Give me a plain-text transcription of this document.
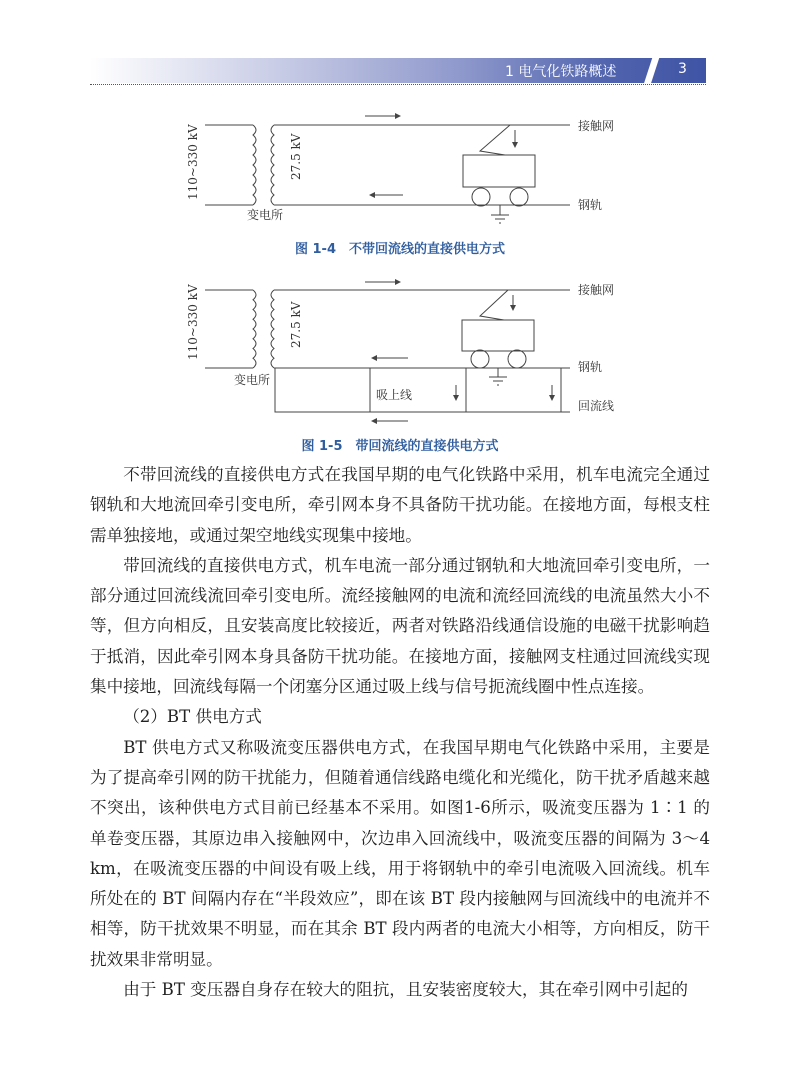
1 电气化铁路概述	3
110~330 kV	27.5 kV
变电所
接触网
钢轨
110~330 kV	27.5 kV
变电所
接触网
钢轨
回流线
吸上线
图 1-4　不带回流线的直接供电方式
图 1-5　带回流线的直接供电方式

不带回流线的直接供电方式在我国早期的电气化铁路中采用，机车电流完全通过钢轨和大地流回牵引变电所，牵引网本身不具备防干扰功能。在接地方面，每根支柱需单独接地，或通过架空地线实现集中接地。

带回流线的直接供电方式，机车电流一部分通过钢轨和大地流回牵引变电所，一部分通过回流线流回牵引变电所。流经接触网的电流和流经回流线的电流虽然大小不等，但方向相反，且安装高度比较接近，两者对铁路沿线通信设施的电磁干扰影响趋于抵消，因此牵引网本身具备防干扰功能。在接地方面，接触网支柱通过回流线实现集中接地，回流线每隔一个闭塞分区通过吸上线与信号扼流线圈中性点连接。

（2）BT 供电方式

BT 供电方式又称吸流变压器供电方式，在我国早期电气化铁路中采用，主要是为了提高牵引网的防干扰能力，但随着通信线路电缆化和光缆化，防干扰矛盾越来越不突出，该种供电方式目前已经基本不采用。如图1-6所示，吸流变压器为 1∶1 的单卷变压器，其原边串入接触网中，次边串入回流线中，吸流变压器的间隔为 3～4 km，在吸流变压器的中间设有吸上线，用于将钢轨中的牵引电流吸入回流线。机车所处在的 BT 间隔内存在“半段效应”，即在该 BT 段内接触网与回流线中的电流并不相等，防干扰效果不明显，而在其余 BT 段内两者的电流大小相等，方向相反，防干扰效果非常明显。

由于 BT 变压器自身存在较大的阻抗，且安装密度较大，其在牵引网中引起的
